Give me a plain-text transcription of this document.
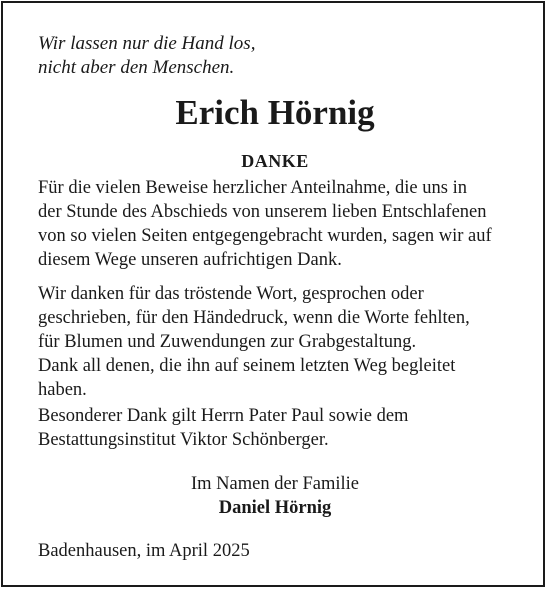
Wir lassen nur die Hand los,
nicht aber den Menschen.

Erich Hörnig
DANKE

Für die vielen Beweise herzlicher Anteilnahme, die uns in
der Stunde des Abschieds von unserem lieben Entschlafenen
von so vielen Seiten entgegengebracht wurden, sagen wir auf
diesem Wege unseren aufrichtigen Dank.

Wir danken für das tröstende Wort, gesprochen oder
geschrieben, für den Händedruck, wenn die Worte fehlten,
für Blumen und Zuwendungen zur Grabgestaltung.
Dank all denen, die ihn auf seinem letzten Weg begleitet
haben.

Besonderer Dank gilt Herrn Pater Paul sowie dem
Bestattungsinstitut Viktor Schönberger.

Im Namen der Familie
Daniel Hörnig

Badenhausen, im April 2025
